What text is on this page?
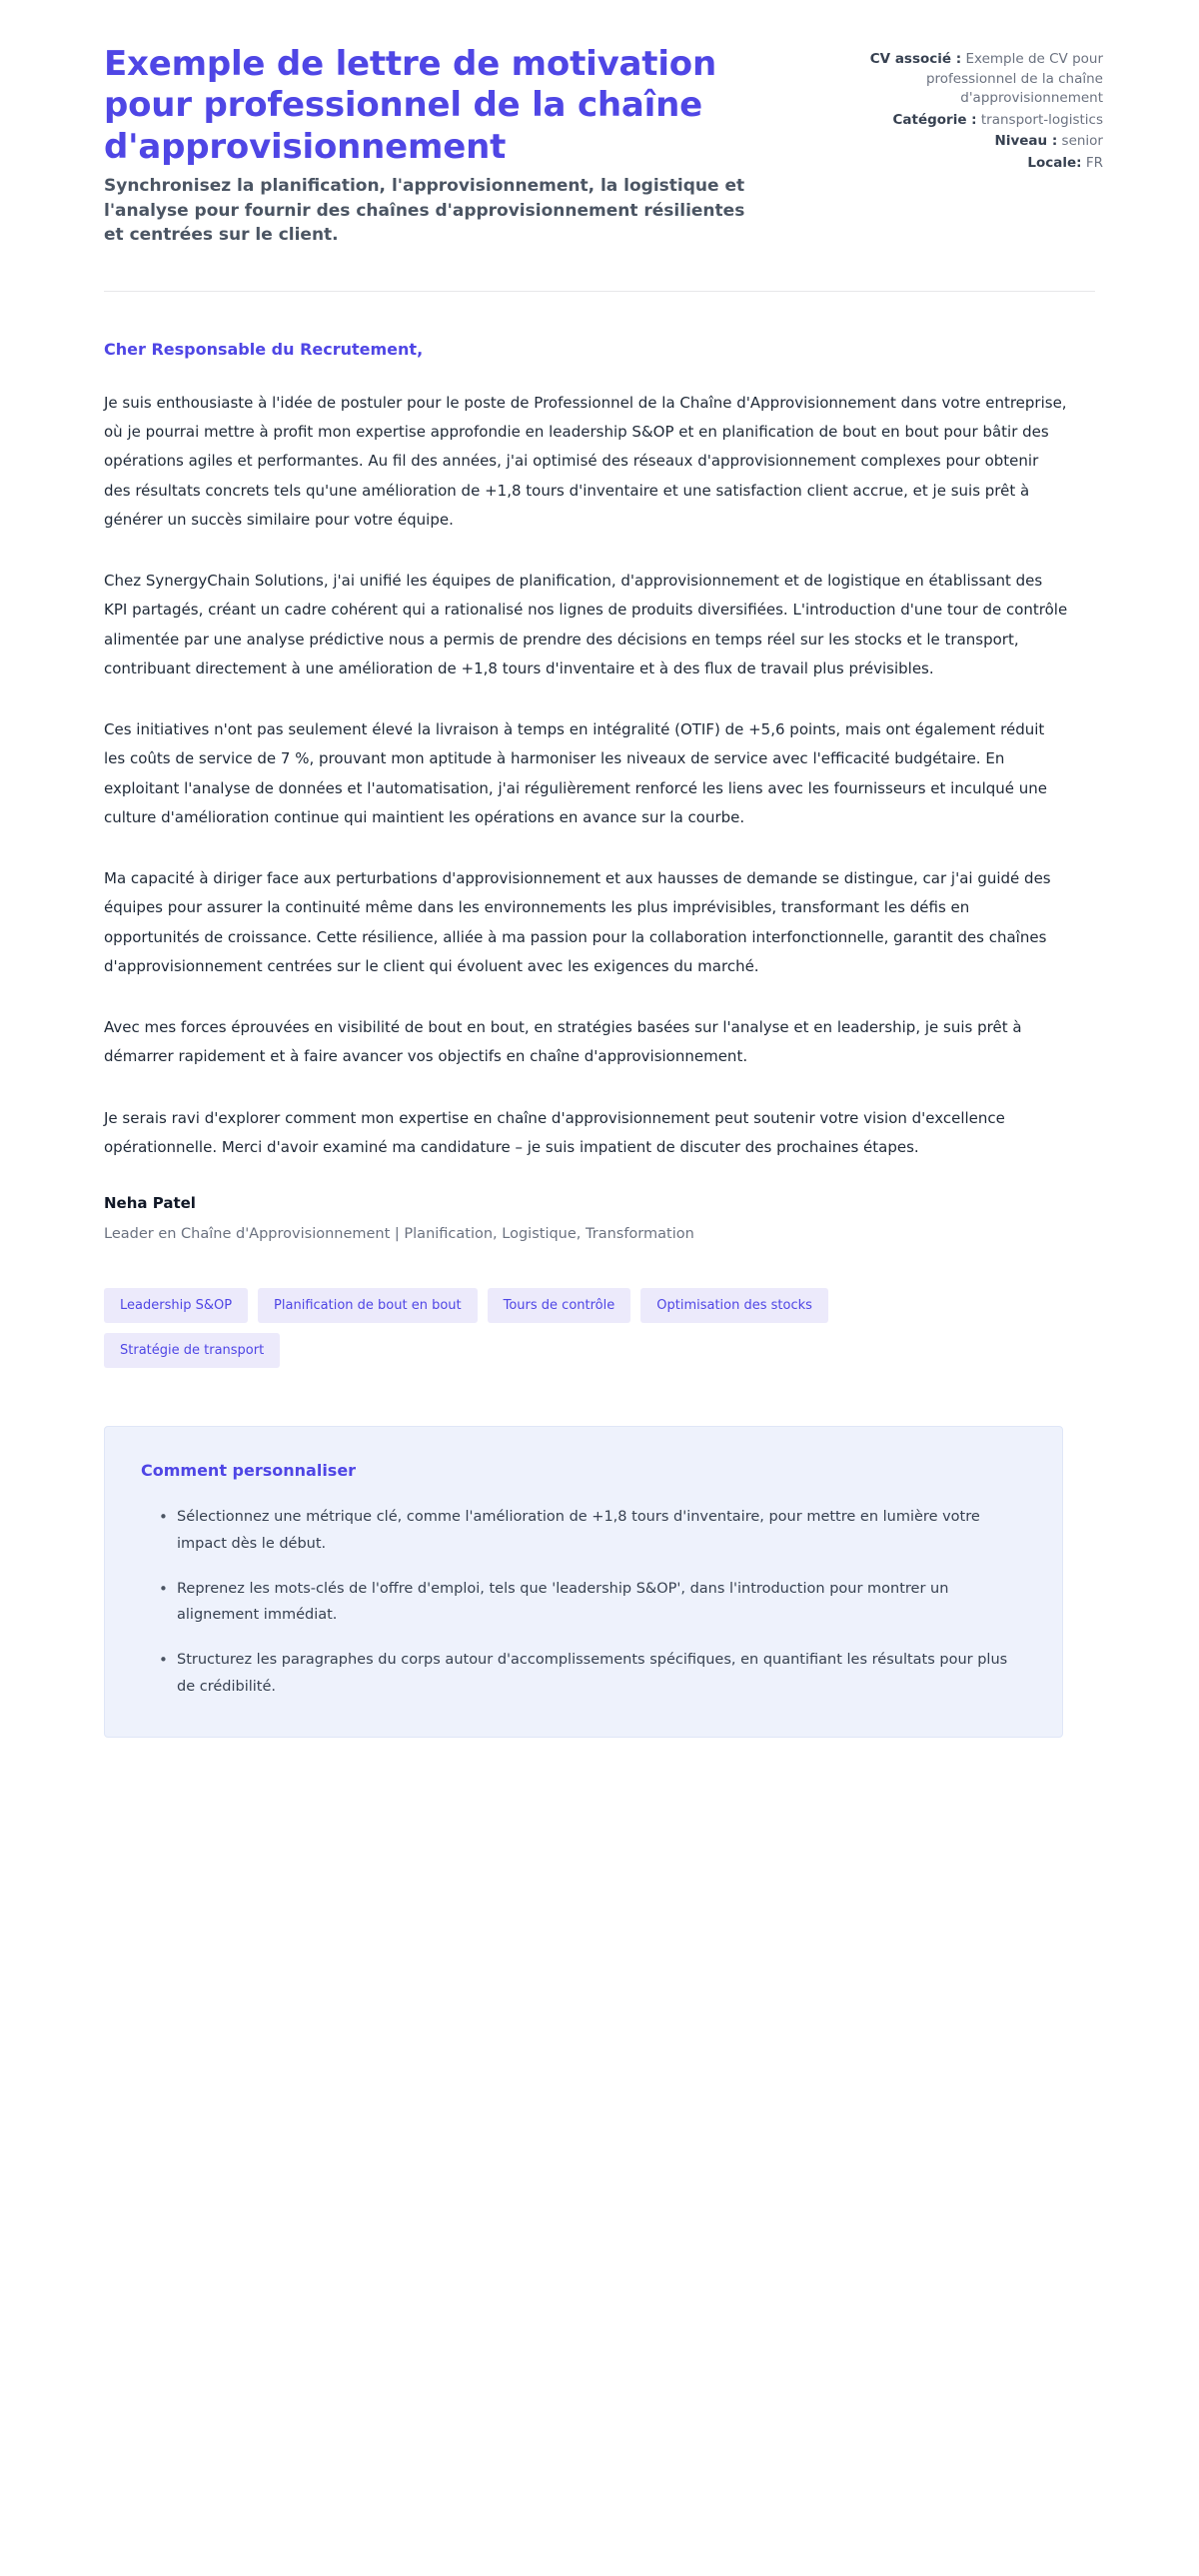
Exemple de lettre de motivation pour professionnel de la chaîne d'approvisionnement

Synchronisez la planification, l'approvisionnement, la logistique et l'analyse pour fournir des chaînes d'approvisionnement résilientes et centrées sur le client.

CV associé : Exemple de CV pour professionnel de la chaîne d'approvisionnement
Catégorie : transport-logistics
Niveau : senior
Locale: FR

Cher Responsable du Recrutement,

Je suis enthousiaste à l'idée de postuler pour le poste de Professionnel de la Chaîne d'Approvisionnement dans votre entreprise, où je pourrai mettre à profit mon expertise approfondie en leadership S&OP et en planification de bout en bout pour bâtir des opérations agiles et performantes. Au fil des années, j'ai optimisé des réseaux d'approvisionnement complexes pour obtenir des résultats concrets tels qu'une amélioration de +1,8 tours d'inventaire et une satisfaction client accrue, et je suis prêt à générer un succès similaire pour votre équipe.

Chez SynergyChain Solutions, j'ai unifié les équipes de planification, d'approvisionnement et de logistique en établissant des KPI partagés, créant un cadre cohérent qui a rationalisé nos lignes de produits diversifiées. L'introduction d'une tour de contrôle alimentée par une analyse prédictive nous a permis de prendre des décisions en temps réel sur les stocks et le transport, contribuant directement à une amélioration de +1,8 tours d'inventaire et à des flux de travail plus prévisibles.

Ces initiatives n'ont pas seulement élevé la livraison à temps en intégralité (OTIF) de +5,6 points, mais ont également réduit les coûts de service de 7 %, prouvant mon aptitude à harmoniser les niveaux de service avec l'efficacité budgétaire. En exploitant l'analyse de données et l'automatisation, j'ai régulièrement renforcé les liens avec les fournisseurs et inculqué une culture d'amélioration continue qui maintient les opérations en avance sur la courbe.

Ma capacité à diriger face aux perturbations d'approvisionnement et aux hausses de demande se distingue, car j'ai guidé des équipes pour assurer la continuité même dans les environnements les plus imprévisibles, transformant les défis en opportunités de croissance. Cette résilience, alliée à ma passion pour la collaboration interfonctionnelle, garantit des chaînes d'approvisionnement centrées sur le client qui évoluent avec les exigences du marché.

Avec mes forces éprouvées en visibilité de bout en bout, en stratégies basées sur l'analyse et en leadership, je suis prêt à démarrer rapidement et à faire avancer vos objectifs en chaîne d'approvisionnement.

Je serais ravi d'explorer comment mon expertise en chaîne d'approvisionnement peut soutenir votre vision d'excellence opérationnelle. Merci d'avoir examiné ma candidature – je suis impatient de discuter des prochaines étapes.

Neha Patel

Leader en Chaîne d'Approvisionnement | Planification, Logistique, Transformation

Leadership S&OP	Planification de bout en bout	Tours de contrôle	Optimisation des stocks
Stratégie de transport
Comment personnaliser
• Sélectionnez une métrique clé, comme l'amélioration de +1,8 tours d'inventaire, pour mettre en lumière votre impact dès le début.
• Reprenez les mots-clés de l'offre d'emploi, tels que 'leadership S&OP', dans l'introduction pour montrer un alignement immédiat.
• Structurez les paragraphes du corps autour d'accomplissements spécifiques, en quantifiant les résultats pour plus de crédibilité.
